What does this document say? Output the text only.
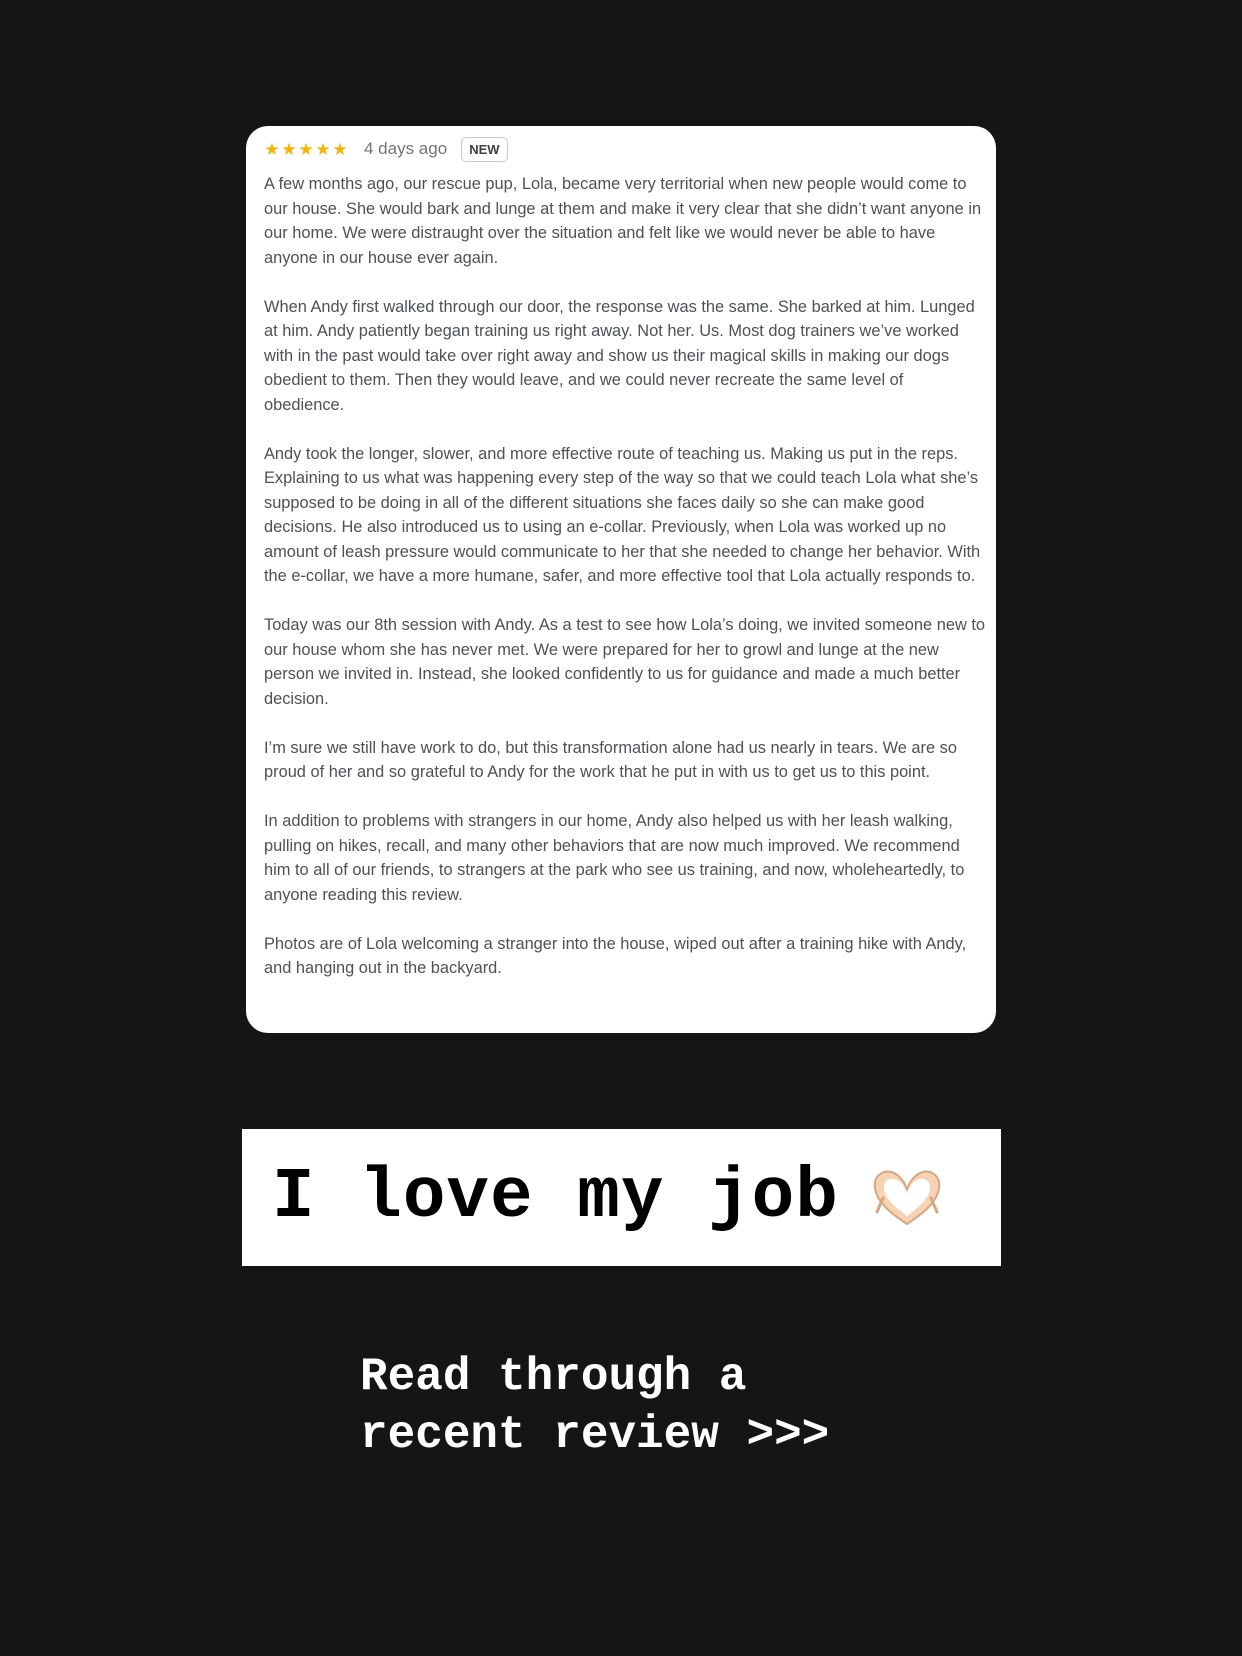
★ ★ ★ ★ ★ 4 days ago	NEW

A few months ago, our rescue pup, Lola, became very territorial when new people would come to our house. She would bark and lunge at them and make it very clear that she didn’t want anyone in our home. We were distraught over the situation and felt like we would never be able to have anyone in our house ever again.

When Andy first walked through our door, the response was the same. She barked at him. Lunged at him. Andy patiently began training us right away. Not her. Us. Most dog trainers we’ve worked with in the past would take over right away and show us their magical skills in making our dogs obedient to them. Then they would leave, and we could never recreate the same level of obedience.

Andy took the longer, slower, and more effective route of teaching us. Making us put in the reps. Explaining to us what was happening every step of the way so that we could teach Lola what she’s supposed to be doing in all of the different situations she faces daily so she can make good decisions. He also introduced us to using an e-collar. Previously, when Lola was worked up no amount of leash pressure would communicate to her that she needed to change her behavior. With the e-collar, we have a more humane, safer, and more effective tool that Lola actually responds to.

Today was our 8th session with Andy. As a test to see how Lola’s doing, we invited someone new to our house whom she has never met. We were prepared for her to growl and lunge at the new person we invited in. Instead, she looked confidently to us for guidance and made a much better decision.

I’m sure we still have work to do, but this transformation alone had us nearly in tears. We are so proud of her and so grateful to Andy for the work that he put in with us to get us to this point.

In addition to problems with strangers in our home, Andy also helped us with her leash walking, pulling on hikes, recall, and many other behaviors that are now much improved. We recommend him to all of our friends, to strangers at the park who see us training, and now, wholeheartedly, to anyone reading this review.

Photos are of Lola welcoming a stranger into the house, wiped out after a training hike with Andy, and hanging out in the backyard.

I love my job
Read through a
recent review >>>
